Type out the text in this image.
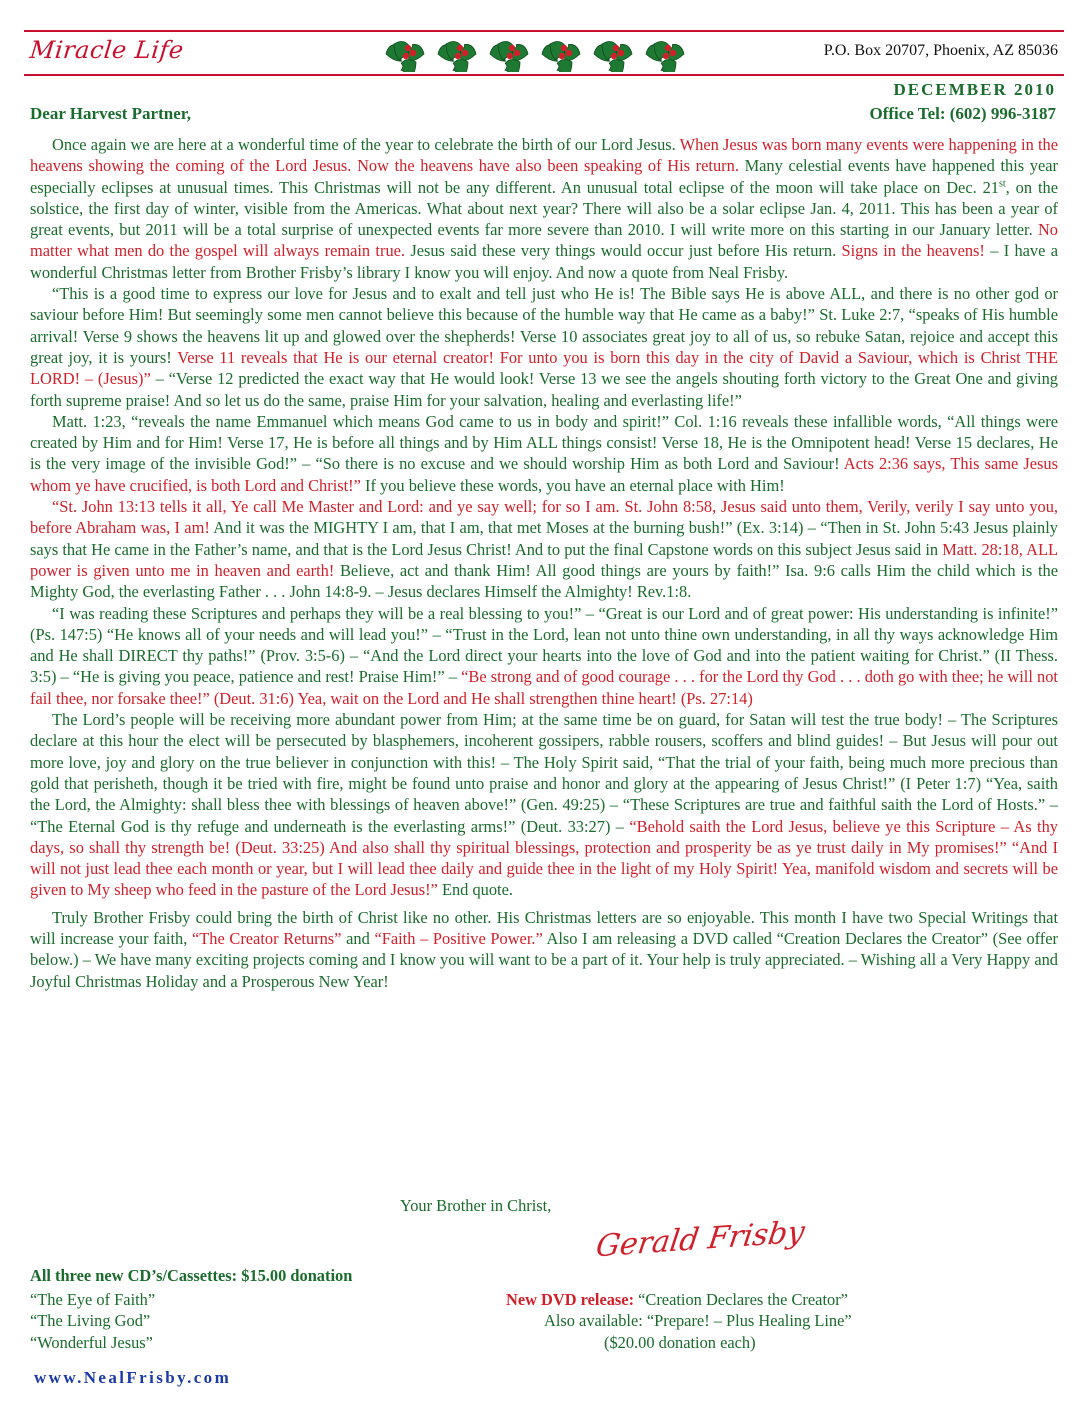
Miracle Life	P.O. Box 20707, Phoenix, AZ 85036
DECEMBER 2010
Dear Harvest Partner,	Office Tel: (602) 996-3187

Once again we are here at a wonderful time of the year to celebrate the birth of our Lord Jesus. When Jesus was born many events were happening in the heavens showing the coming of the Lord Jesus. Now the heavens have also been speaking of His return. Many celestial events have happened this year especially eclipses at unusual times. This Christmas will not be any different. An unusual total eclipse of the moon will take place on Dec. 21st, on the solstice, the first day of winter, visible from the Americas. What about next year? There will also be a solar eclipse Jan. 4, 2011. This has been a year of great events, but 2011 will be a total surprise of unexpected events far more severe than 2010. I will write more on this starting in our January letter. No matter what men do the gospel will always remain true. Jesus said these very things would occur just before His return. Signs in the heavens! – I have a wonderful Christmas letter from Brother Frisby’s library I know you will enjoy. And now a quote from Neal Frisby.

“This is a good time to express our love for Jesus and to exalt and tell just who He is! The Bible says He is above ALL, and there is no other god or saviour before Him! But seemingly some men cannot believe this because of the humble way that He came as a baby!” St. Luke 2:7, “speaks of His humble arrival! Verse 9 shows the heavens lit up and glowed over the shepherds! Verse 10 associates great joy to all of us, so rebuke Satan, rejoice and accept this great joy, it is yours! Verse 11 reveals that He is our eternal creator! For unto you is born this day in the city of David a Saviour, which is Christ THE LORD! – (Jesus)” – “Verse 12 predicted the exact way that He would look! Verse 13 we see the angels shouting forth victory to the Great One and giving forth supreme praise! And so let us do the same, praise Him for your salvation, healing and everlasting life!”

Matt. 1:23, “reveals the name Emmanuel which means God came to us in body and spirit!” Col. 1:16 reveals these infallible words, “All things were created by Him and for Him! Verse 17, He is before all things and by Him ALL things consist! Verse 18, He is the Omnipotent head! Verse 15 declares, He is the very image of the invisible God!” – “So there is no excuse and we should worship Him as both Lord and Saviour! Acts 2:36 says, This same Jesus whom ye have crucified, is both Lord and Christ!” If you believe these words, you have an eternal place with Him!

“St. John 13:13 tells it all, Ye call Me Master and Lord: and ye say well; for so I am. St. John 8:58, Jesus said unto them, Verily, verily I say unto you, before Abraham was, I am! And it was the MIGHTY I am, that I am, that met Moses at the burning bush!” (Ex. 3:14) – “Then in St. John 5:43 Jesus plainly says that He came in the Father’s name, and that is the Lord Jesus Christ! And to put the final Capstone words on this subject Jesus said in Matt. 28:18, ALL power is given unto me in heaven and earth! Believe, act and thank Him! All good things are yours by faith!” Isa. 9:6 calls Him the child which is the Mighty God, the everlasting Father . . . John 14:8-9. – Jesus declares Himself the Almighty! Rev.1:8.

“I was reading these Scriptures and perhaps they will be a real blessing to you!” – “Great is our Lord and of great power: His understanding is infinite!” (Ps. 147:5) “He knows all of your needs and will lead you!” – “Trust in the Lord, lean not unto thine own understanding, in all thy ways acknowledge Him and He shall DIRECT thy paths!” (Prov. 3:5-6) – “And the Lord direct your hearts into the love of God and into the patient waiting for Christ.” (II Thess. 3:5) – “He is giving you peace, patience and rest! Praise Him!” – “Be strong and of good courage . . . for the Lord thy God . . . doth go with thee; he will not fail thee, nor forsake thee!” (Deut. 31:6) Yea, wait on the Lord and He shall strengthen thine heart! (Ps. 27:14)

The Lord’s people will be receiving more abundant power from Him; at the same time be on guard, for Satan will test the true body! – The Scriptures declare at this hour the elect will be persecuted by blasphemers, incoherent gossipers, rabble rousers, scoffers and blind guides! – But Jesus will pour out more love, joy and glory on the true believer in conjunction with this! – The Holy Spirit said, “That the trial of your faith, being much more precious than gold that perisheth, though it be tried with fire, might be found unto praise and honor and glory at the appearing of Jesus Christ!” (I Peter 1:7) “Yea, saith the Lord, the Almighty: shall bless thee with blessings of heaven above!” (Gen. 49:25) – “These Scriptures are true and faithful saith the Lord of Hosts.” – “The Eternal God is thy refuge and underneath is the everlasting arms!” (Deut. 33:27) – “Behold saith the Lord Jesus, believe ye this Scripture – As thy days, so shall thy strength be! (Deut. 33:25) And also shall thy spiritual blessings, protection and prosperity be as ye trust daily in My promises!” “And I will not just lead thee each month or year, but I will lead thee daily and guide thee in the light of my Holy Spirit! Yea, manifold wisdom and secrets will be given to My sheep who feed in the pasture of the Lord Jesus!” End quote.

Truly Brother Frisby could bring the birth of Christ like no other. His Christmas letters are so enjoyable. This month I have two Special Writings that will increase your faith, “The Creator Returns” and “Faith – Positive Power.” Also I am releasing a DVD called “Creation Declares the Creator” (See offer below.) – We have many exciting projects coming and I know you will want to be a part of it. Your help is truly appreciated. – Wishing all a Very Happy and Joyful Christmas Holiday and a Prosperous New Year!

Your Brother in Christ,
Gerald Frisby
All three new CD’s/Cassettes: $15.00 donation
“The Eye of Faith”
“The Living God”
“Wonderful Jesus”
New DVD release: “Creation Declares the Creator”
Also available: “Prepare! – Plus Healing Line”
($20.00 donation each)
www.NealFrisby.com
